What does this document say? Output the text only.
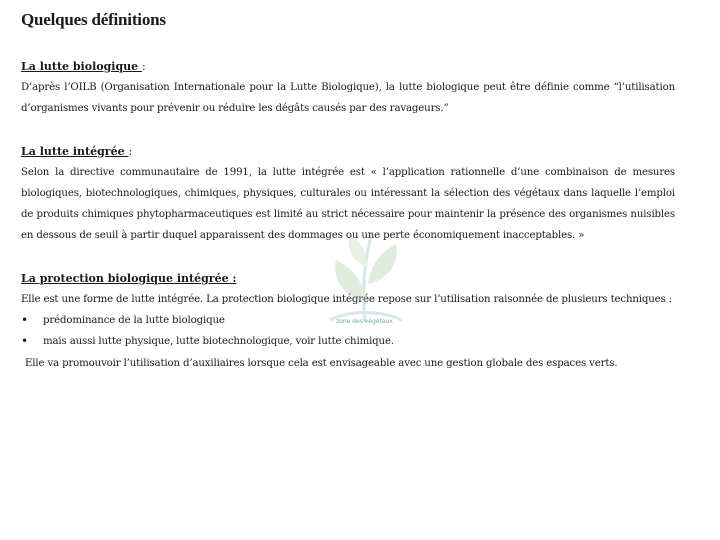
Quelques définitions

La lutte biologique :

D’après l’OILB (Organisation Internationale pour la Lutte Biologique), la lutte biologique peut être définie comme “l’utilisation d’organismes vivants pour prévenir ou réduire les dégâts causés par des ravageurs.”

La lutte intégrée :

Selon la directive communautaire de 1991, la lutte intégrée est « l’application rationnelle d’une combinaison de mesures biologiques, biotechnologiques, chimiques, physiques, culturales ou intéressant la sélection des végétaux dans laquelle l’emploi de produits chimiques phytopharmaceutiques est limité au strict nécessaire pour maintenir la présence des organismes nuisibles en dessous de seuil à partir duquel apparaissent des dommages ou une perte économiquement inacceptables. »

La protection biologique intégrée :

Elle est une forme de lutte intégrée. La protection biologique intégrée repose sur l’utilisation raisonnée de plusieurs techniques :

• prédominance de la lutte biologique
• mais aussi lutte physique, lutte biotechnologique, voir lutte chimique.

Elle va promouvoir l’utilisation d’auxiliaires lorsque cela est envisageable avec une gestion globale des espaces verts.

zone des végétaux
